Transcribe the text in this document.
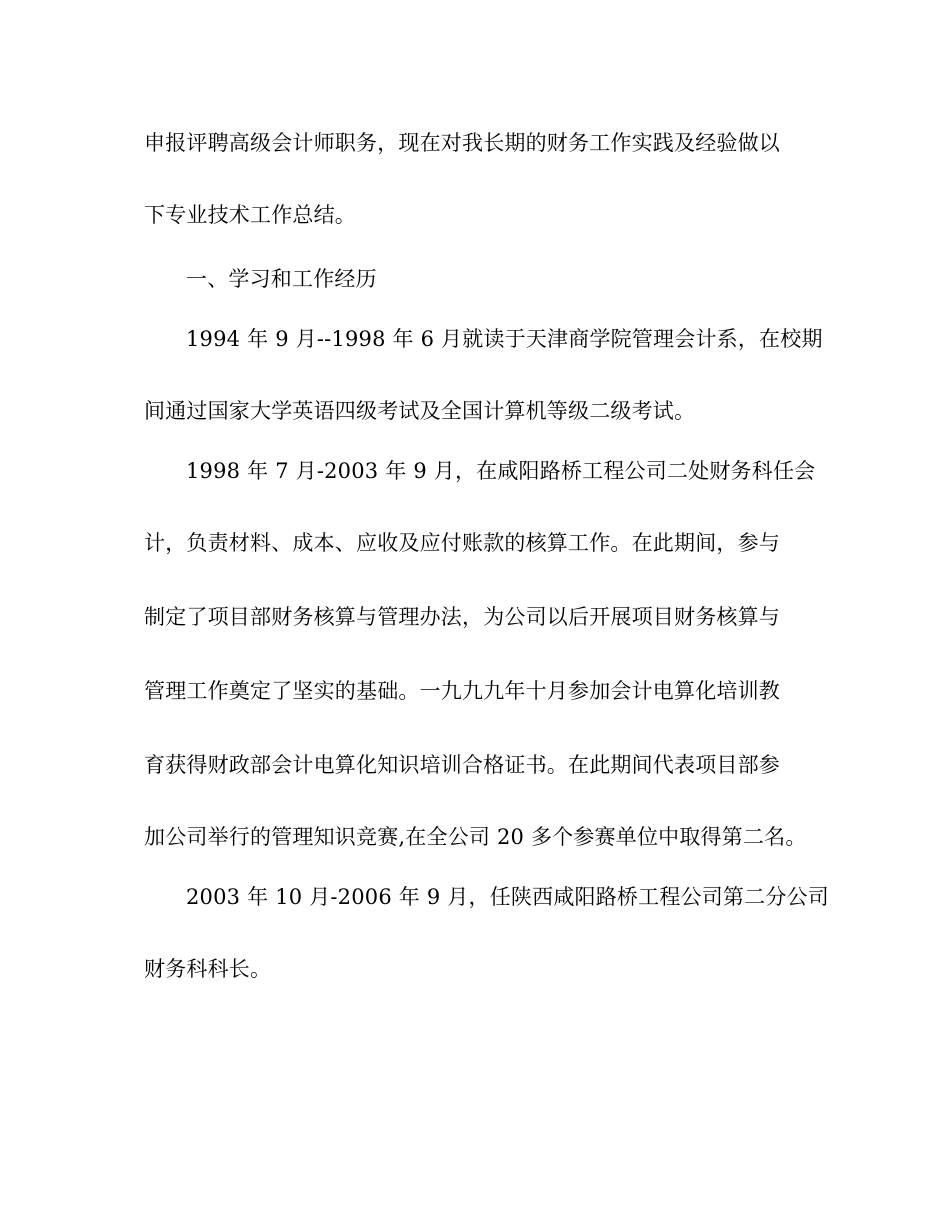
申报评聘高级会计师职务，现在对我长期的财务工作实践及经验做以
下专业技术工作总结。
一、学习和工作经历
1994 年 9 月--1998 年 6 月就读于天津商学院管理会计系，在校期
间通过国家大学英语四级考试及全国计算机等级二级考试。
1998 年 7 月-2003 年 9 月，在咸阳路桥工程公司二处财务科任会
计，负责材料、成本、应收及应付账款的核算工作。在此期间，参与
制定了项目部财务核算与管理办法，为公司以后开展项目财务核算与
管理工作奠定了坚实的基础。一九九九年十月参加会计电算化培训教
育获得财政部会计电算化知识培训合格证书。在此期间代表项目部参
加公司举行的管理知识竞赛,在全公司 20 多个参赛单位中取得第二名。
2003 年 10 月-2006 年 9 月，任陕西咸阳路桥工程公司第二分公司
财务科科长。
